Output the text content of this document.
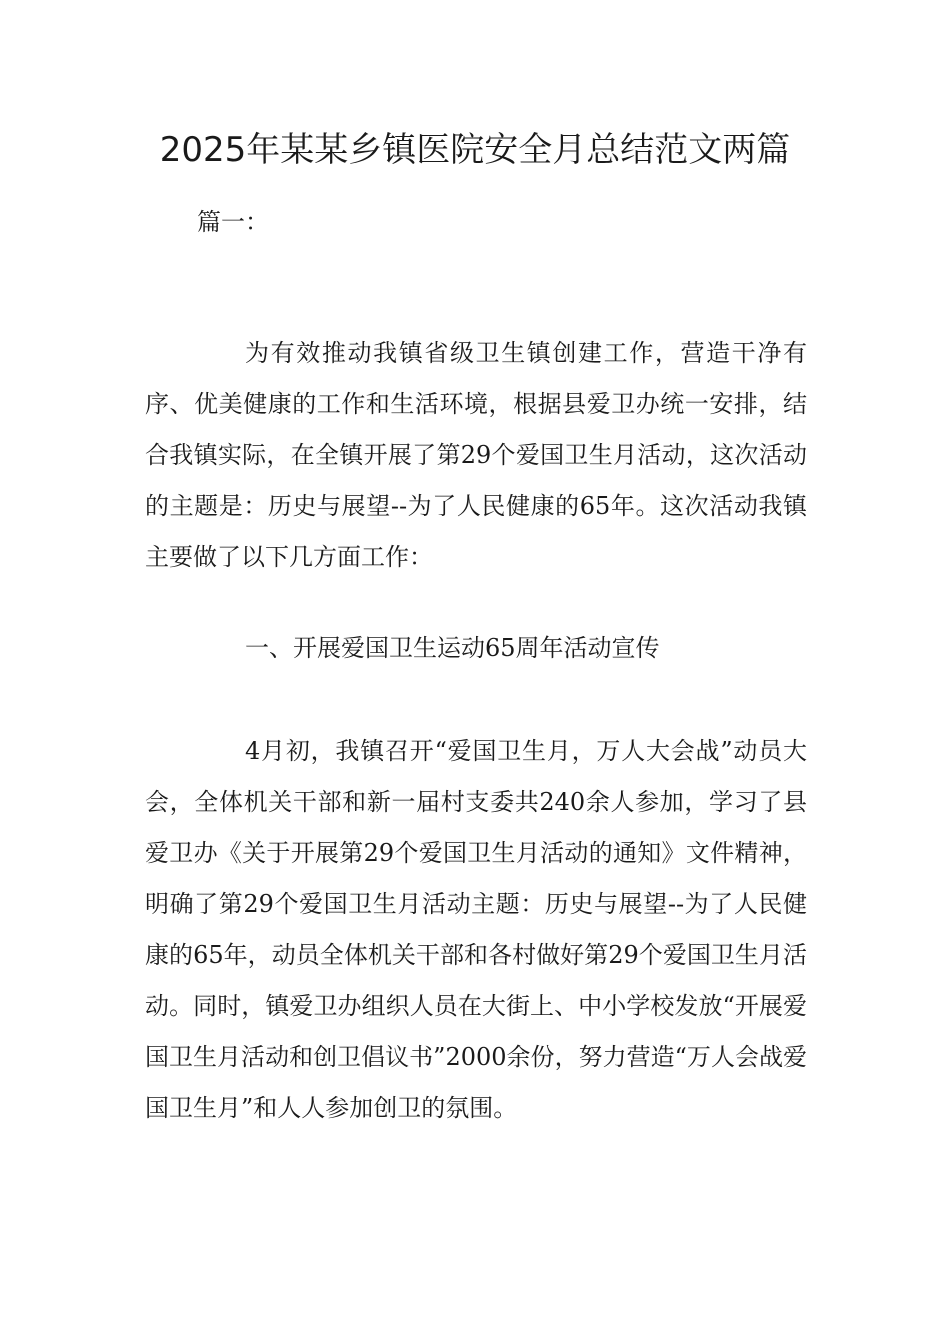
2025年某某乡镇医院安全月总结范文两篇

篇一：

为有效推动我镇省级卫生镇创建工作，营造干净有序、优美健康的工作和生活环境，根据县爱卫办统一安排，结合我镇实际，在全镇开展了第29个爱国卫生月活动，这次活动的主题是：历史与展望--为了人民健康的65年。这次活动我镇主要做了以下几方面工作：

一、开展爱国卫生运动65周年活动宣传

4月初，我镇召开“爱国卫生月，万人大会战”动员大会，全体机关干部和新一届村支委共240余人参加，学习了县爱卫办《关于开展第29个爱国卫生月活动的通知》文件精神，明确了第29个爱国卫生月活动主题：历史与展望--为了人民健康的65年，动员全体机关干部和各村做好第29个爱国卫生月活动。同时，镇爱卫办组织人员在大街上、中小学校发放“开展爱国卫生月活动和创卫倡议书”2000余份，努力营造“万人会战爱国卫生月”和人人参加创卫的氛围。
